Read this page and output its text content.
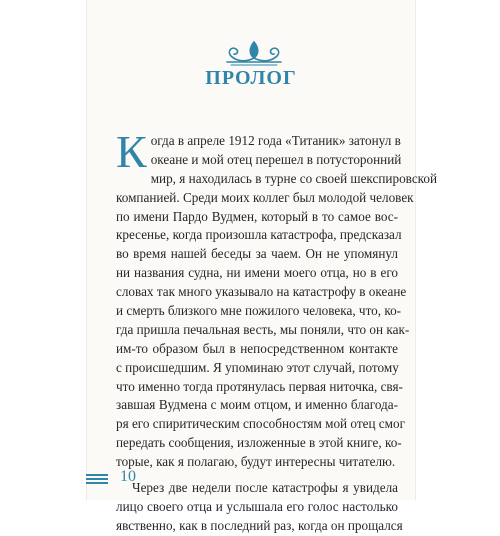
ПРОЛОГ
К огда в апреле 1912 года «Титаник» затонул в
океане и мой отец перешел в потусторонний
мир, я находилась в турне со своей шекспировской
компанией. Среди моих коллег был молодой человек
по имени Пардо Вудмен, который в то самое вос-
кресенье, когда произошла катастрофа, предсказал
во время нашей беседы за чаем. Он не упомянул
ни названия судна, ни имени моего отца, но в его
словах так много указывало на катастрофу в океане
и смерть близкого мне пожилого человека, что, ко-
гда пришла печальная весть, мы поняли, что он как-
им-то образом был в непосредственном контакте
с происшедшим. Я упоминаю этот случай, потому
что именно тогда протянулась первая ниточка, свя-
завшая Вудмена с моим отцом, и именно благода-
ря его спиритическим способностям мой отец смог
передать сообщения, изложенные в этой книге, ко-
торые, как я полагаю, будут интересны читателю.
Через две недели после катастрофы я увидела
лицо своего отца и услышала его голос настолько
явственно, как в последний раз, когда он прощался
10
